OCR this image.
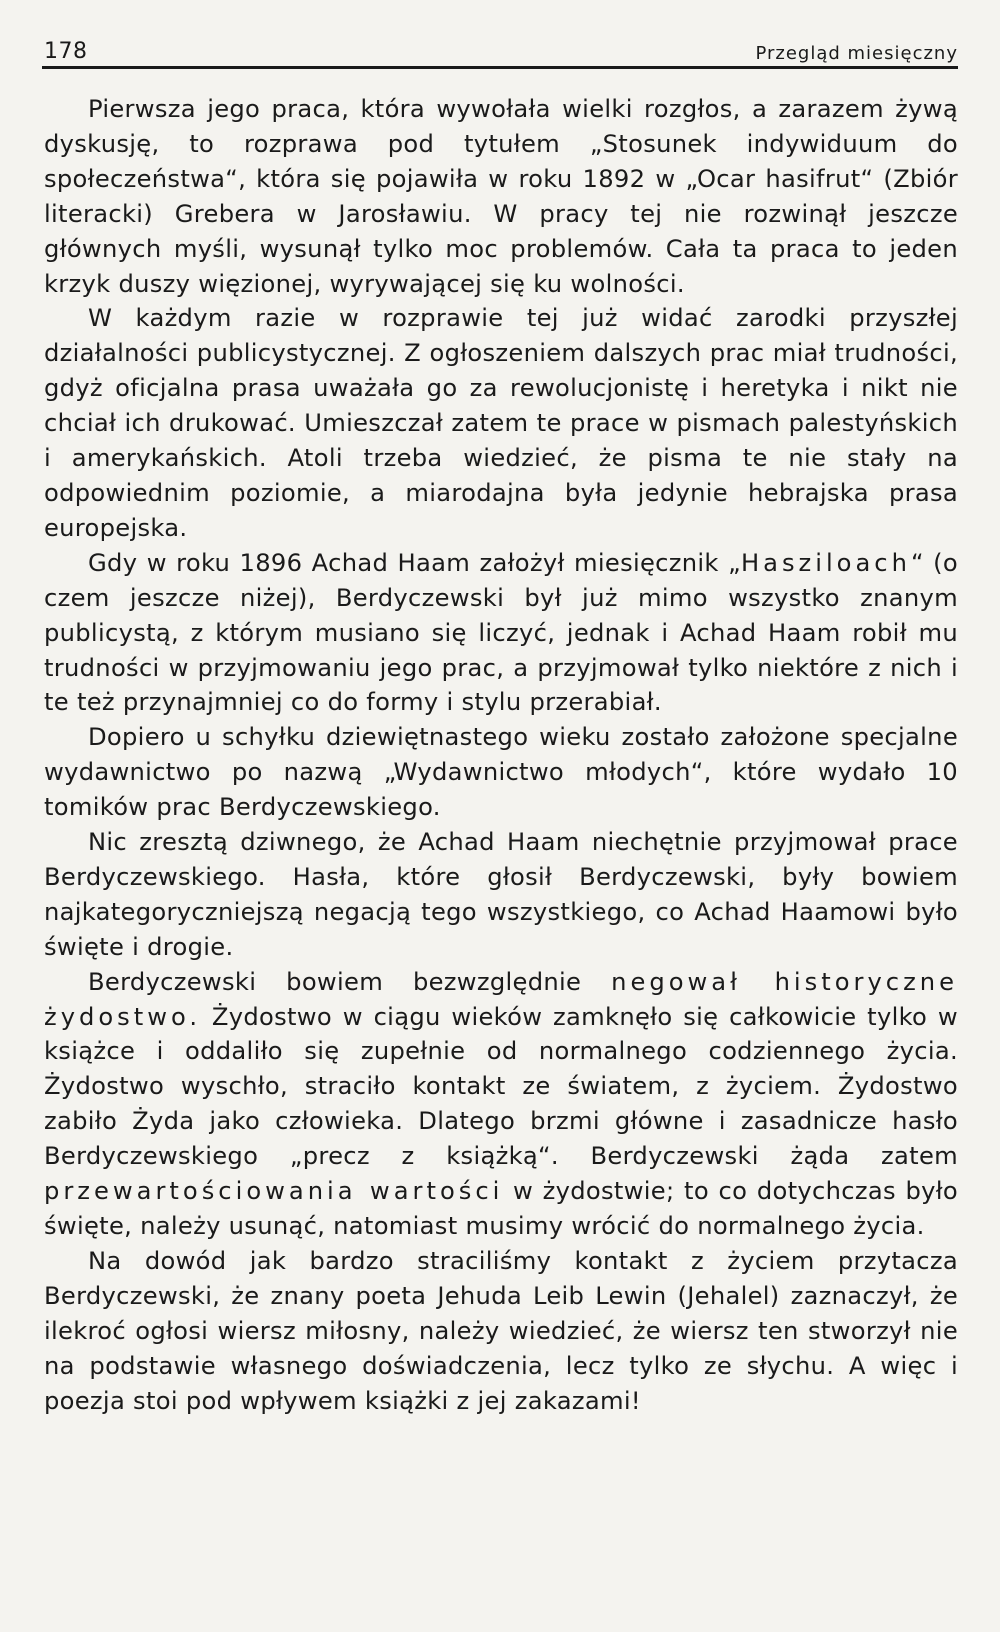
178	Przegląd miesięczny

Pierwsza jego praca, która wywołała wielki rozgłos, a zarazem żywą dyskusję, to rozprawa pod tytułem „Stosunek indywiduum do społeczeństwa“, która się pojawiła w roku 1892 w „Ocar hasifrut“ (Zbiór literacki) Grebera w Jarosławiu. W pracy tej nie rozwinął jeszcze głównych myśli, wysunął tylko moc problemów. Cała ta praca to jeden krzyk duszy więzionej, wyrywającej się ku wolności.

W każdym razie w rozprawie tej już widać zarodki przyszłej działalności publicystycznej. Z ogłoszeniem dalszych prac miał trudności, gdyż oficjalna prasa uważała go za rewolucjonistę i heretyka i nikt nie chciał ich drukować. Umieszczał zatem te prace w pismach palestyńskich i amerykańskich. Atoli trzeba wiedzieć, że pisma te nie stały na odpowiednim poziomie, a miarodajna była jedynie hebrajska prasa europejska.

Gdy w roku 1896 Achad Haam założył miesięcznik „Hasziloach“ (o czem jeszcze niżej), Berdyczewski był już mimo wszystko znanym publicystą, z którym musiano się liczyć, jednak i Achad Haam robił mu trudności w przyjmowaniu jego prac, a przyjmował tylko niektóre z nich i te też przynajmniej co do formy i stylu przerabiał.

Dopiero u schyłku dziewiętnastego wieku zostało założone specjalne wydawnictwo po nazwą „Wydawnictwo młodych“, które wydało 10 tomików prac Berdyczewskiego.

Nic zresztą dziwnego, że Achad Haam niechętnie przyjmował prace Berdyczewskiego. Hasła, które głosił Berdyczewski, były bowiem najkategoryczniejszą negacją tego wszystkiego, co Achad Haamowi było święte i drogie.

Berdyczewski bowiem bezwzględnie negował historyczne żydostwo. Żydostwo w ciągu wieków zamknęło się całkowicie tylko w książce i oddaliło się zupełnie od normalnego codziennego życia. Żydostwo wyschło, straciło kontakt ze światem, z życiem. Żydostwo zabiło Żyda jako człowieka. Dlatego brzmi główne i zasadnicze hasło Berdyczewskiego „precz z książką“. Berdyczewski żąda zatem przewartościowania wartości w żydostwie; to co dotychczas było święte, należy usunąć, natomiast musimy wrócić do normalnego życia.

Na dowód jak bardzo straciliśmy kontakt z życiem przytacza Berdyczewski, że znany poeta Jehuda Leib Lewin (Jehalel) zaznaczył, że ilekroć ogłosi wiersz miłosny, należy wiedzieć, że wiersz ten stworzył nie na podstawie własnego doświadczenia, lecz tylko ze słychu. A więc i poezja stoi pod wpływem książki z jej zakazami!
